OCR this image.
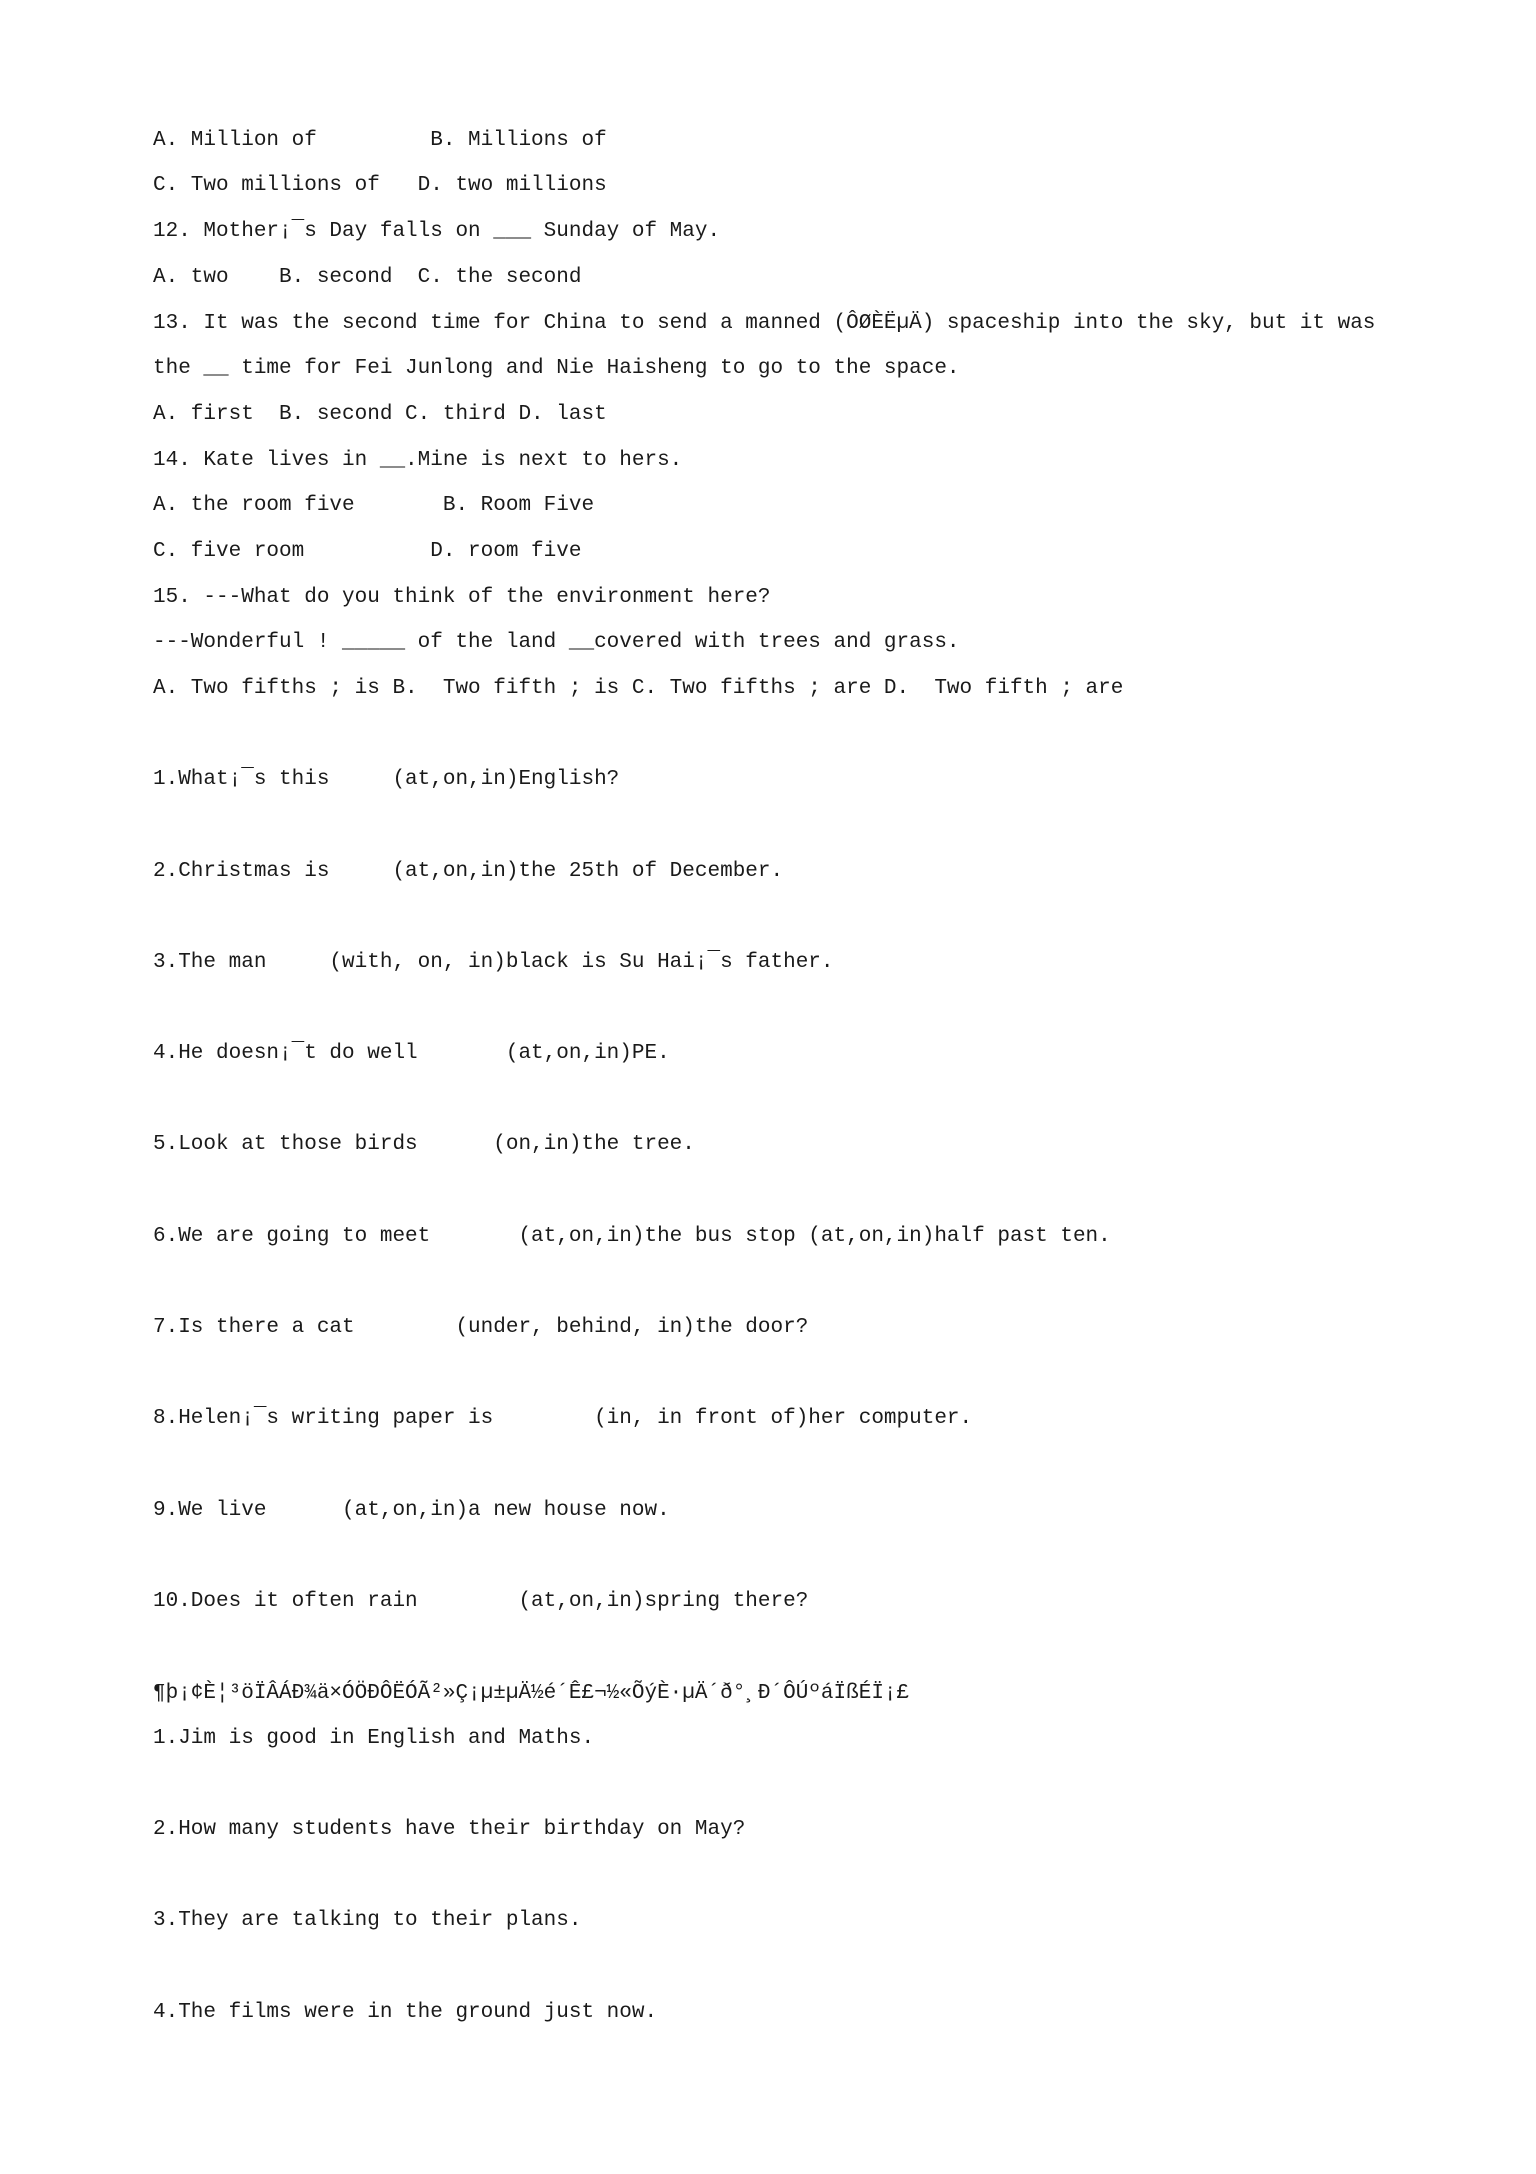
A. Million of         B. Millions of
C. Two millions of   D. two millions
12. Mother¡¯s Day falls on ___ Sunday of May.
A. two    B. second  C. the second
13. It was the second time for China to send a manned (ÔØÈËµÄ) spaceship into the sky, but it was
the __ time for Fei Junlong and Nie Haisheng to go to the space.
A. first  B. second C. third D. last
14. Kate lives in __.Mine is next to hers.
A. the room five       B. Room Five
C. five room          D. room five
15. ---What do you think of the environment here?
---Wonderful ! _____ of the land __covered with trees and grass.
A. Two fifths ; is B.  Two fifth ; is C. Two fifths ; are D.  Two fifth ; are
1.What¡¯s this     (at,on,in)English?
2.Christmas is     (at,on,in)the 25th of December.
3.The man     (with, on, in)black is Su Hai¡¯s father.
4.He doesn¡¯t do well       (at,on,in)PE.
5.Look at those birds      (on,in)the tree.
6.We are going to meet       (at,on,in)the bus stop (at,on,in)half past ten.
7.Is there a cat        (under, behind, in)the door?
8.Helen¡¯s writing paper is        (in, in front of)her computer.
9.We live      (at,on,in)a new house now.
10.Does it often rain        (at,on,in)spring there?
¶þ¡¢È¦³öÏÂÁÐ¾ä×ÓÖÐÔËÓÃ²»Ç¡µ±µÄ½é´Ê£¬½«ÕýÈ·µÄ´ð°¸Ð´ÔÚºáÏßÉÏ¡£
1.Jim is good in English and Maths.
2.How many students have their birthday on May?
3.They are talking to their plans.
4.The films were in the ground just now.
